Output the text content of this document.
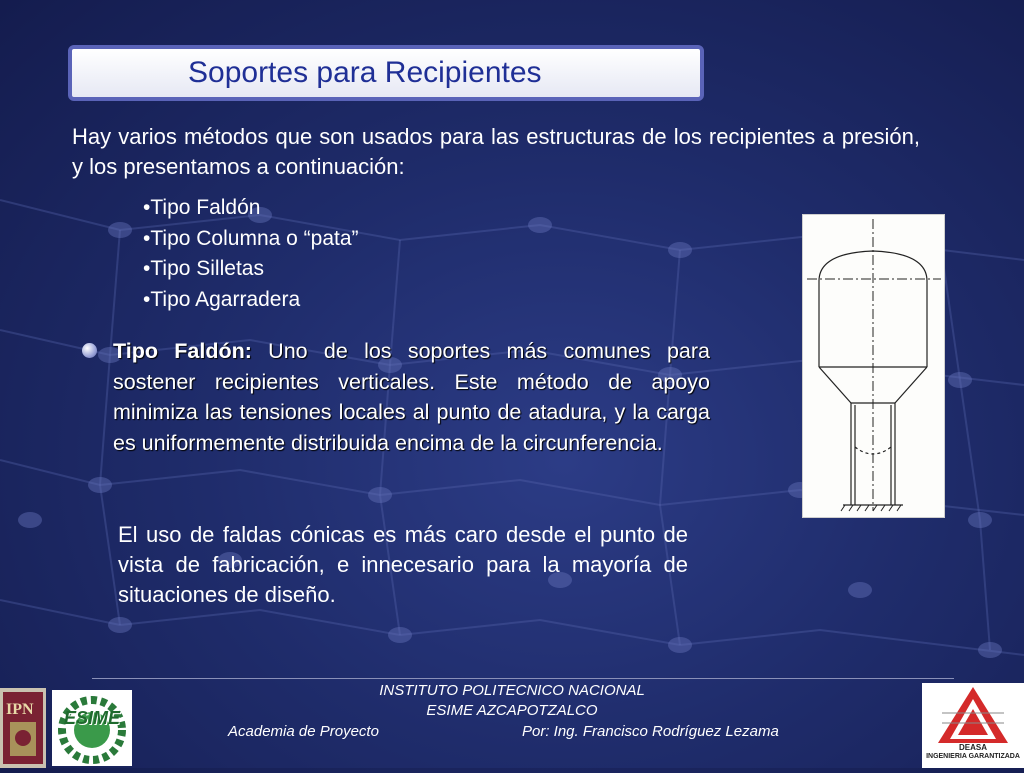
Soportes para Recipientes
Hay varios métodos que son usados para las estructuras de los recipientes a presión, y los presentamos a continuación:
•Tipo Faldón
•Tipo Columna o “pata”
•Tipo Silletas
•Tipo Agarradera
Tipo Faldón: Uno de los soportes más comunes para sostener recipientes verticales. Este método de apoyo minimiza las tensiones locales al punto de atadura, y la carga es uniformemente distribuida encima de la circunferencia.
El uso de faldas cónicas es más caro desde el punto de vista de fabricación, e innecesario para la mayoría de situaciones de diseño.
INSTITUTO POLITECNICO NACIONAL
ESIME AZCAPOTZALCO
Academia de Proyecto	Por: Ing. Francisco Rodríguez Lezama
IPN	ESIME
DEASA
INGENIERIA GARANTIZADA
